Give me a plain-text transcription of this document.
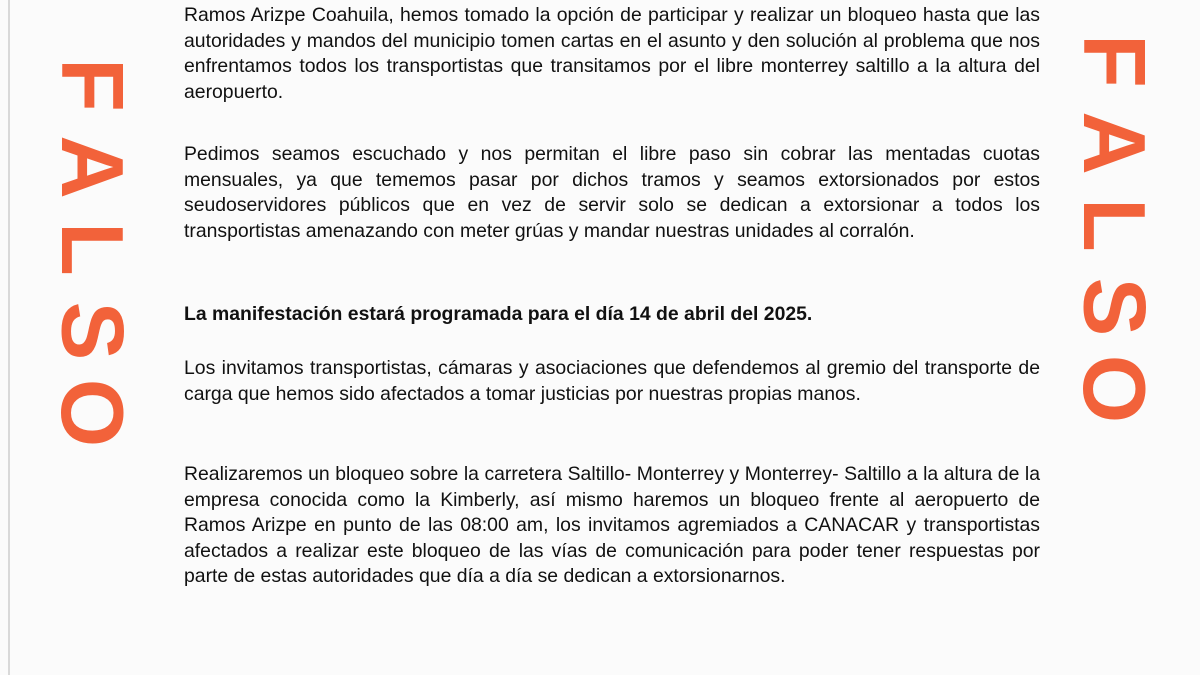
F
A
L
S
O
F
A
L
S
O

Ramos Arizpe Coahuila, hemos tomado la opción de participar y realizar un bloqueo hasta que las autoridades y mandos del municipio tomen cartas en el asunto y den solución al problema que nos enfrentamos todos los transportistas que transitamos por el libre monterrey saltillo a la altura del aeropuerto.

Pedimos seamos escuchado y nos permitan el libre paso sin cobrar las mentadas cuotas mensuales, ya que tememos pasar por dichos tramos y seamos extorsionados por estos seudoservidores públicos que en vez de servir solo se dedican a extorsionar a todos los transportistas amenazando con meter grúas y mandar nuestras unidades al corralón.

La manifestación estará programada para el día 14 de abril del 2025.

Los invitamos transportistas, cámaras y asociaciones que defendemos al gremio del transporte de carga que hemos sido afectados a tomar justicias por nuestras propias manos.

Realizaremos un bloqueo sobre la carretera Saltillo- Monterrey y Monterrey- Saltillo a la altura de la empresa conocida como la Kimberly, así mismo haremos un bloqueo frente al aeropuerto de Ramos Arizpe en punto de las 08:00 am, los invitamos agremiados a CANACAR y transportistas afectados a realizar este bloqueo de las vías de comunicación para poder tener respuestas por parte de estas autoridades que día a día se dedican a extorsionarnos.
